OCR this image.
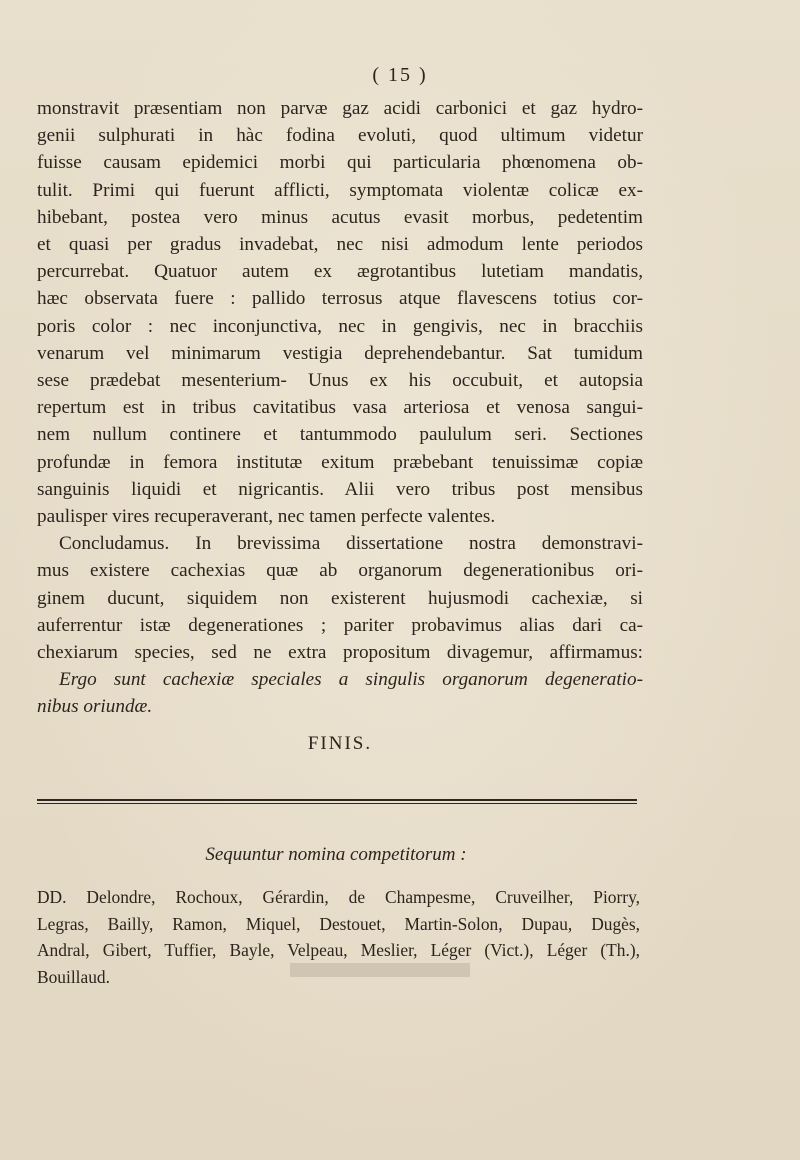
( 15 )
monstravit præsentiam non parvæ gaz acidi carbonici et gaz hydro-
genii sulphurati in hàc fodina evoluti, quod ultimum videtur
fuisse causam epidemici morbi qui particularia phœnomena ob-
tulit. Primi qui fuerunt afflicti, symptomata violentæ colicæ ex-
hibebant, postea vero minus acutus evasit morbus, pedetentim
et quasi per gradus invadebat, nec nisi admodum lente periodos
percurrebat. Quatuor autem ex ægrotantibus lutetiam mandatis,
hæc observata fuere : pallido terrosus atque flavescens totius cor-
poris color : nec inconjunctiva, nec in gengivis, nec in bracchiis
venarum vel minimarum vestigia deprehendebantur. Sat tumidum
sese prædebat mesenterium- Unus ex his occubuit, et autopsia
repertum est in tribus cavitatibus vasa arteriosa et venosa sangui-
nem nullum continere et tantummodo paululum seri. Sectiones
profundæ in femora institutæ exitum præbebant tenuissimæ copiæ
sanguinis liquidi et nigricantis. Alii vero tribus post mensibus
paulisper vires recuperaverant, nec tamen perfecte valentes.
Concludamus. In brevissima dissertatione nostra demonstravi-
mus existere cachexias quæ ab organorum degenerationibus ori-
ginem ducunt, siquidem non existerent hujusmodi cachexiæ, si
auferrentur istæ degenerationes ; pariter probavimus alias dari ca-
chexiarum species, sed ne extra propositum divagemur, affirmamus:
Ergo sunt cachexiæ speciales a singulis organorum degeneratio-
nibus oriundæ.
FINIS.
Sequuntur nomina competitorum :
DD. Delondre, Rochoux, Gérardin, de Champesme, Cruveilher, Piorry,
Legras, Bailly, Ramon, Miquel, Destouet, Martin-Solon, Dupau, Dugès,
Andral, Gibert, Tuffier, Bayle, Velpeau, Meslier, Léger (Vict.), Léger (Th.),
Bouillaud.
